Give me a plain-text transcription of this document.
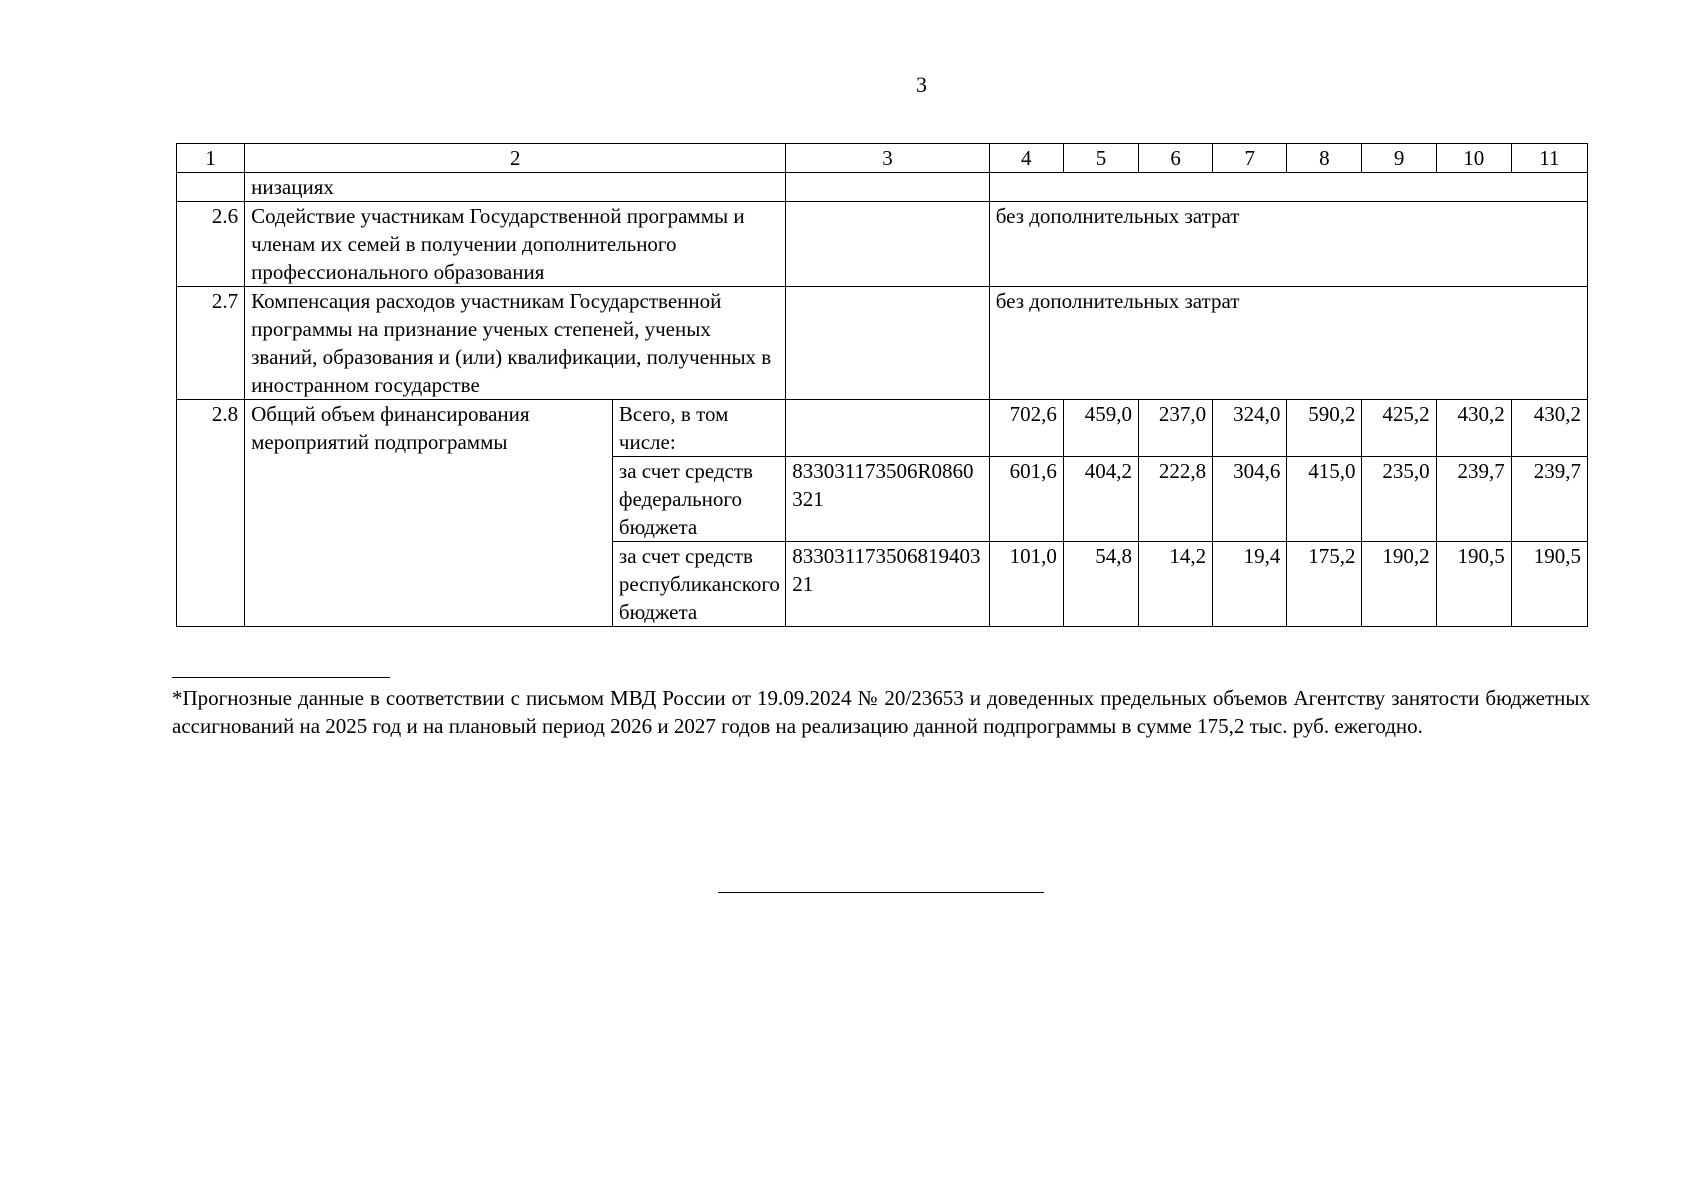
3
1	2		3	4	5	6	7	8	9	10	11
	низациях										
2.6	Содействие участникам Государственной программы и членам их семей в получении дополнительного профессионального образования			без дополнительных затрат							
2.7	Компенсация расходов участникам Государственной программы на признание ученых степеней, ученых званий, образования и (или) квалификации, полученных в иностранном государстве			без дополнительных затрат							
2.8	Общий объем финансирования мероприятий подпрограммы	Всего, в том числе:		702,6	459,0	237,0	324,0	590,2	425,2	430,2	430,2
		за счет средств федерального бюджета	833031173506R0860321	601,6	404,2	222,8	304,6	415,0	235,0	239,7	239,7
		за счет средств республиканского бюджета	83303117350681940321	101,0	54,8	14,2	19,4	175,2	190,2	190,5	190,5
*Прогнозные данные в соответствии с письмом МВД России от 19.09.2024 № 20/23653 и доведенных предельных объемов Агентству занятости бюджетных ассигнований на 2025 год и на плановый период 2026 и 2027 годов на реализацию данной подпрограммы в сумме 175,2 тыс. руб. ежегодно.
